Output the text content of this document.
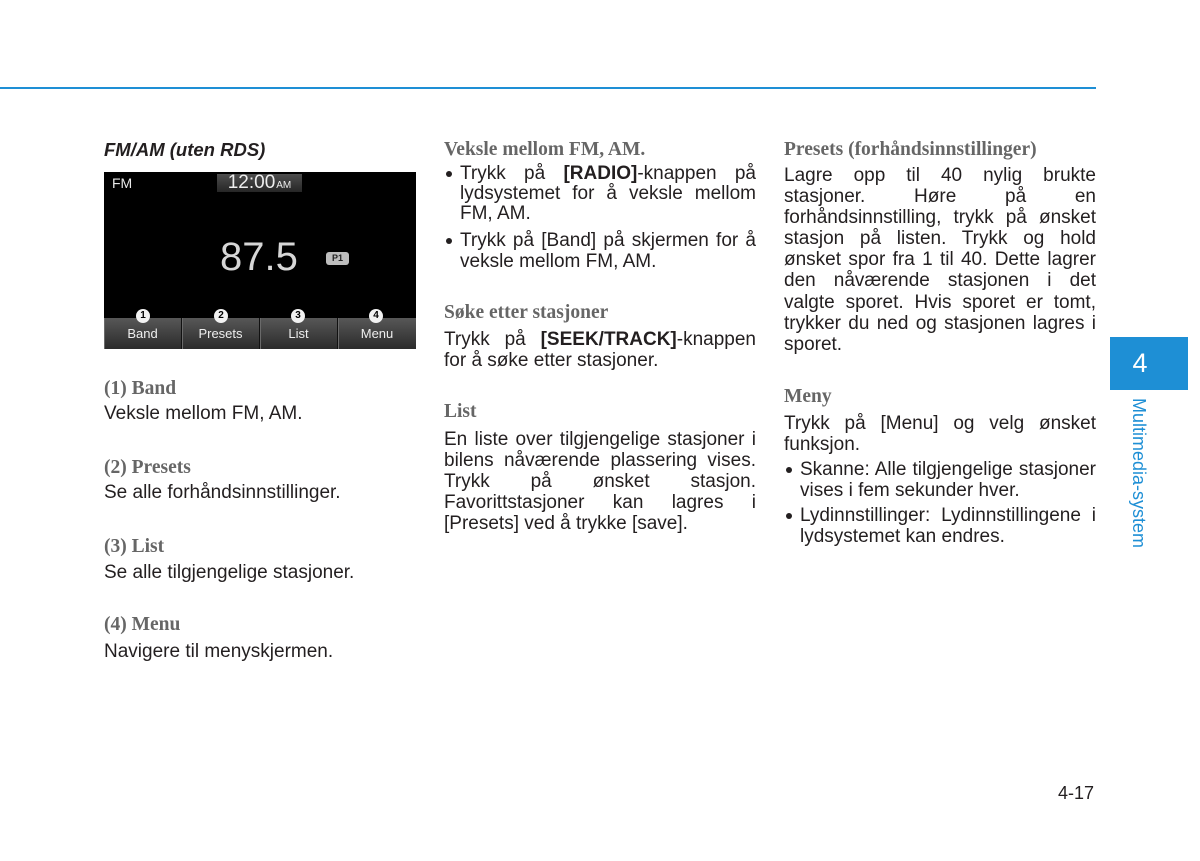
FM/AM (uten RDS)
FM	12:00AM
87.5	P1
Band	Presets	List	Menu
1	2	3	4
(1) Band
Veksle mellom FM, AM.
(2) Presets
Se alle forhåndsinnstillinger.
(3) List
Se alle tilgjengelige stasjoner.
(4) Menu
Navigere til menyskjermen.
Veksle mellom FM, AM.
Trykk på [RADIO]-knappen på
lydsystemet for å veksle mellom
FM, AM.
Trykk på [Band] på skjermen for å
veksle mellom FM, AM.
Søke etter stasjoner
Trykk på [SEEK/TRACK]-knappen
for å søke etter stasjoner.
List
En liste over tilgjengelige stasjoner i
bilens nåværende plassering vises.
Trykk på ønsket stasjon.
Favorittstasjoner kan lagres i
[Presets] ved å trykke [save].
Presets (forhåndsinnstillinger)
Lagre opp til 40 nylig brukte
stasjoner. Høre på en
forhåndsinnstilling, trykk på ønsket
stasjon på listen. Trykk og hold
ønsket spor fra 1 til 40. Dette lagrer
den nåværende stasjonen i det
valgte sporet. Hvis sporet er tomt,
trykker du ned og stasjonen lagres i
sporet.
Meny
Trykk på [Menu] og velg ønsket
funksjon.
Skanne: Alle tilgjengelige stasjoner
vises i fem sekunder hver.
Lydinnstillinger: Lydinnstillingene i
lydsystemet kan endres.
4
Multimedia-system
4-17
